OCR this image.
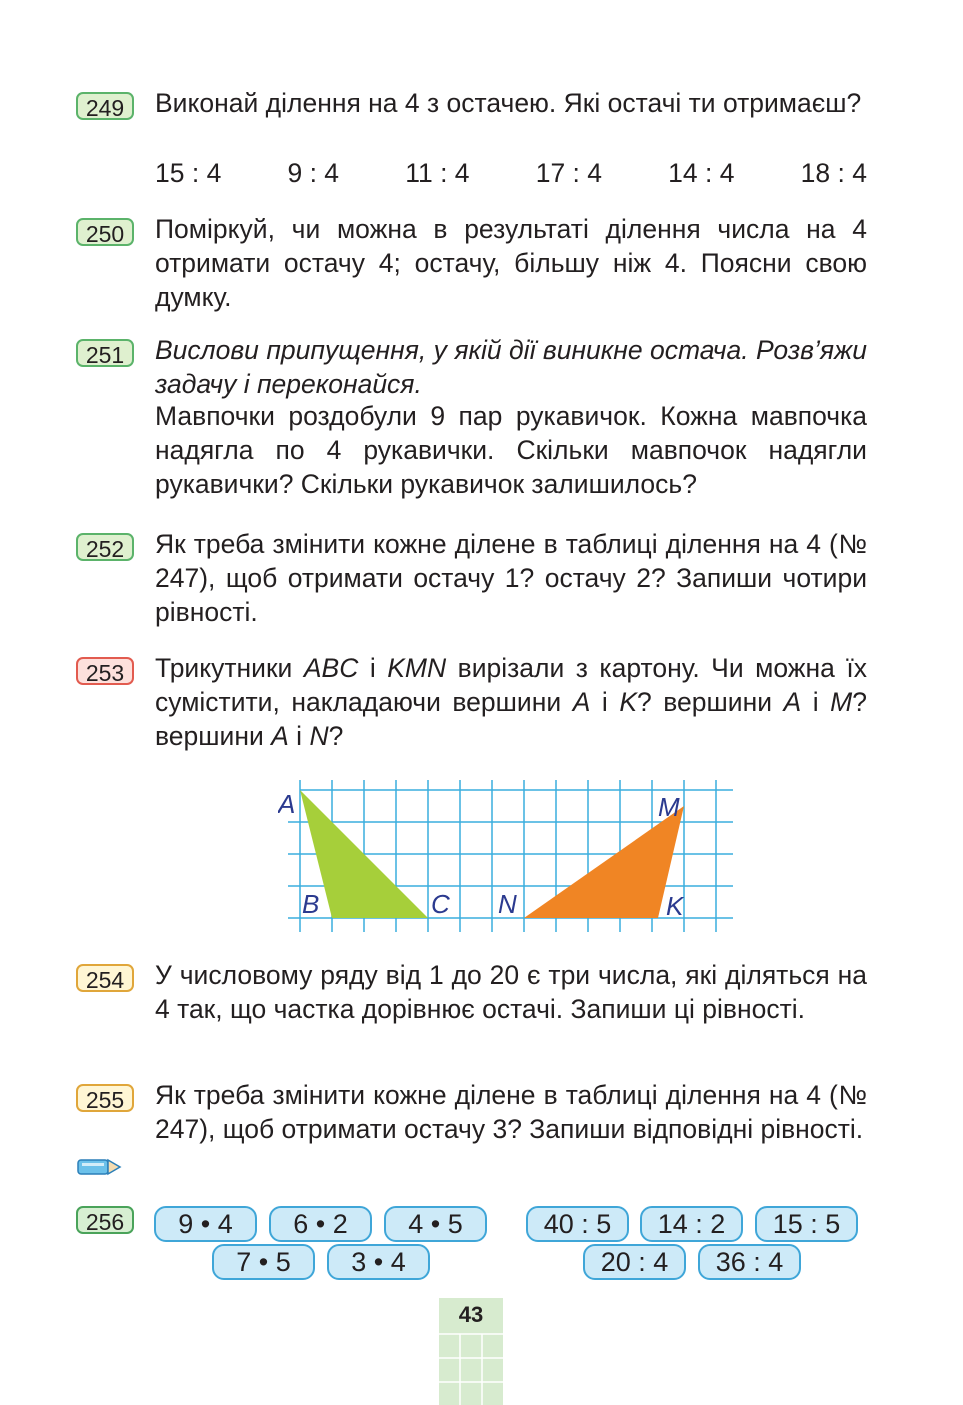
249	Виконай ділення на 4 з остачею. Які остачі ти отримаєш?
15 : 4 9 : 4 11 : 4 17 : 4 14 : 4 18 : 4
250	Поміркуй, чи можна в результаті ділення числа на 4 отримати остачу 4; остачу, більшу ніж 4. Поясни свою думку.
251	Вислови припущення, у якій дії виникне остача. Розв’яжи задачу і переконайся.
Мавпочки роздобули 9 пар рукавичок. Кожна мавпочка надягла по 4 рукавички. Скільки мавпочок надягли рукавички? Скільки рукавичок залишилось?
252	Як треба змінити кожне ділене в таблиці ділення на 4 (№ 247), щоб отримати остачу 1? остачу 2? Запиши чотири рівності.
253	Трикутники ABC і KMN вирізали з картону. Чи можна їх сумістити, накладаючи вершини A і K? вершини A і M? вершини A і N?
A
B	C
M
N	K
254	У числовому ряду від 1 до 20 є три числа, які діляться на 4 так, що частка дорівнює остачі. Запиши ці рівності.
255	Як треба змінити кожне ділене в таблиці ділення на 4 (№ 247), щоб отримати остачу 3? Запиши відповідні рівності.
256	9 • 4	6 • 2	4 • 5
7 • 5	3 • 4
40 : 5	14 : 2	15 : 5
20 : 4	36 : 4
43
